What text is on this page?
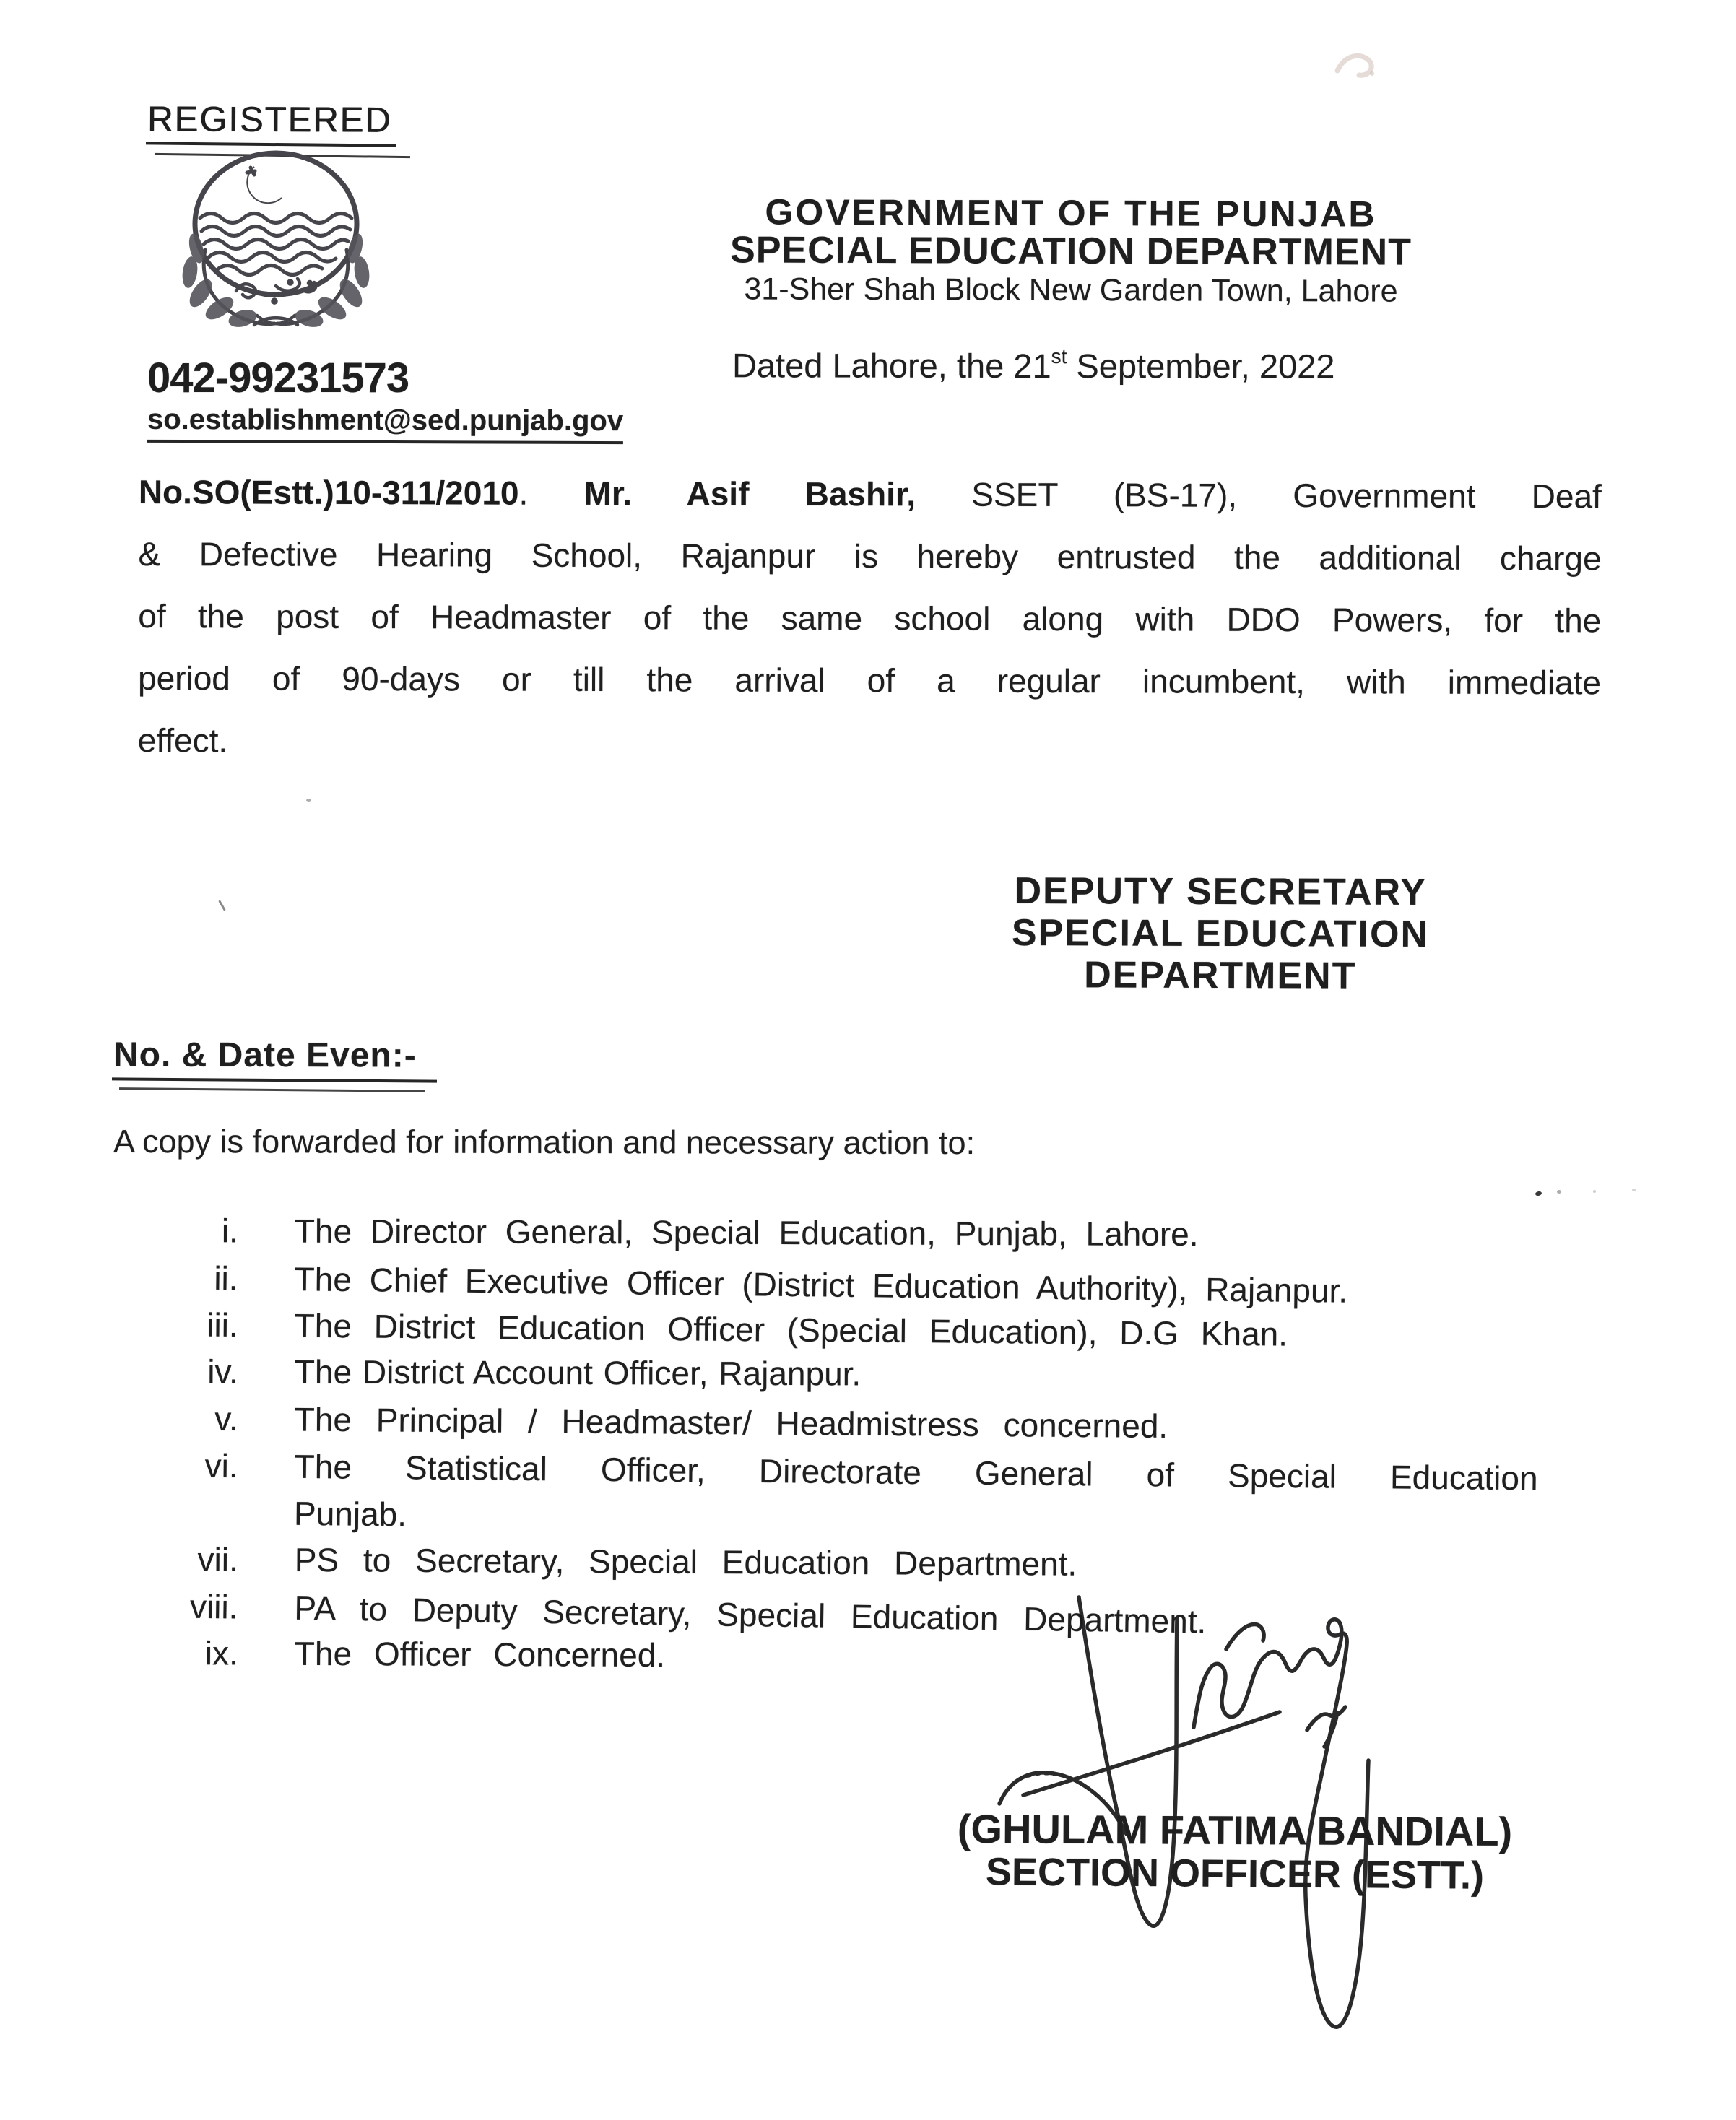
REGISTERED
042-99231573
so.establishment@sed.punjab.gov
GOVERNMENT OF THE PUNJAB
SPECIAL EDUCATION DEPARTMENT
31-Sher Shah Block New Garden Town, Lahore
Dated Lahore, the 21st September, 2022
No.SO(Estt.)10-311/2010. Mr. Asif Bashir, SSET (BS-17), Government Deaf
& Defective Hearing School, Rajanpur is hereby entrusted the additional charge
of the post of Headmaster of the same school along with DDO Powers, for the
period of 90-days or till the arrival of a regular incumbent, with immediate
effect.
DEPUTY SECRETARY
SPECIAL EDUCATION
DEPARTMENT
No. & Date Even:-
A copy is forwarded for information and necessary action to:
i. The Director General, Special Education, Punjab, Lahore.
ii. The Chief Executive Officer (District Education Authority), Rajanpur.
iii. The District Education Officer (Special Education), D.G Khan.
iv. The District Account Officer, Rajanpur.
v. The Principal / Headmaster/ Headmistress concerned.
vi. The Statistical Officer, Directorate General of Special Education
Punjab.
vii. PS to Secretary, Special Education Department.
viii. PA to Deputy Secretary, Special Education Department.
ix. The Officer Concerned.
(GHULAM FATIMA BANDIAL)
SECTION OFFICER (ESTT.)
